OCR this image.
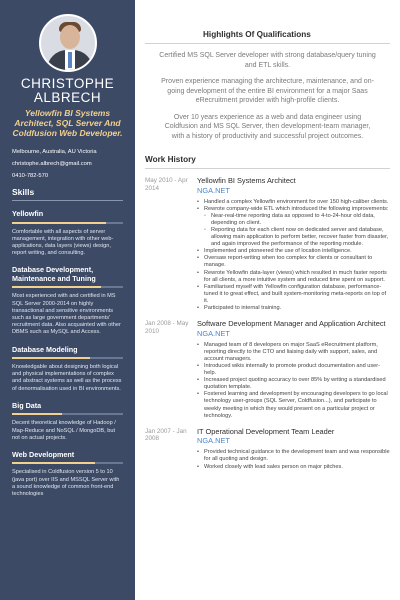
CHRISTOPHE ALBRECH
Yellowfin BI Systems Architect, SQL Server And Coldfusion Web Developer.
Melbourne, Australia, AU Victoria
christophe.albrech@gmail.com
0410-782-570
Skills
Yellowfin
Comfortable with all aspects of server management, integration with other web-applications, data layers (views) design, report writing, and consulting.
Database Development, Maintenance and Tuning
Most experienced with and certified in MS SQL Server 2000-2014 on highly transactional and sensitive environments such as large government departments' recruitment data. Also acquainted with other DBMS such as MySQL and Access.
Database Modeling
Knowledgable about designing both logical and physical implementations of complex and abstract systems as well as the process of denormalisation used in BI environments.
Big Data
Decent theoretical knowledge of Hadoop / Map-Reduce and NoSQL / MongoDB, but not on actual projects.
Web Development
Specialised in Coldfusion version 5 to 10 (java port) over IIS and MSSQL Server with a sound knowledge of common front-end technologies
Highlights Of Qualifications

Certified MS SQL Server developer with strong database/query tuning and ETL skills.

Proven experience managing the architecture, maintenance, and on-going development of the entire BI environment for a major Saas eRecruitment provider with high-profile clients.

Over 10 years experience as a web and data engineer using Coldfusion and MS SQL Server, then development-team manager, with a history of productivity and successful project outcomes.

Work History
May 2010 - Apr 2014
Yellowfin BI Systems Architect
NGA.NET
• Handled a complex Yellowfin environment for over 150 high-caliber clients.
• Rewrote company-wide ETL which introduced the following improvements:
◦ Near-real-time reporting data as opposed to 4-to-24-hour old data, depending on client.
◦ Reporting data for each client now on dedicated server and database, allowing main application to perform better, recover faster from disaster, and again improved the performance of the reporting module.
• Implemented and pioneered the use of location intelligence.
• Oversaw report-writing when too complex for clients or consultant to manage.
• Rewrote Yellowfin data-layer (views) which resulted in much faster reports for all clients, a more intuitive system and reduced time spent on support.
• Familiarised myself with Yellowfin configuration database, performance-tuned it to great effect, and built system-monitoring meta-reports on top of it.
• Participated to internal training.
Jan 2008 - May 2010
Software Development Manager and Application Architect
NGA.NET
• Managed team of 8 developers on major SaaS eRecruitment platform, reporting directly to the CTO and liaising daily with support, sales, and account managers.
• Introduced wikis internally to promote product documentation and user-help.
• Increased project quoting accuracy to over 85% by writing a standardised quotation template.
• Fostered learning and development by encouraging developers to go local technology user-groups (SQL Server, Coldfusion...), and participate to weekly meeting in which they would present on a particular project or technology.
Jan 2007 - Jan 2008
IT Operational Development Team Leader
NGA.NET
• Provided technical guidance to the development team and was responsible for all quoting and design.
• Worked closely with lead sales person on major pitches.
